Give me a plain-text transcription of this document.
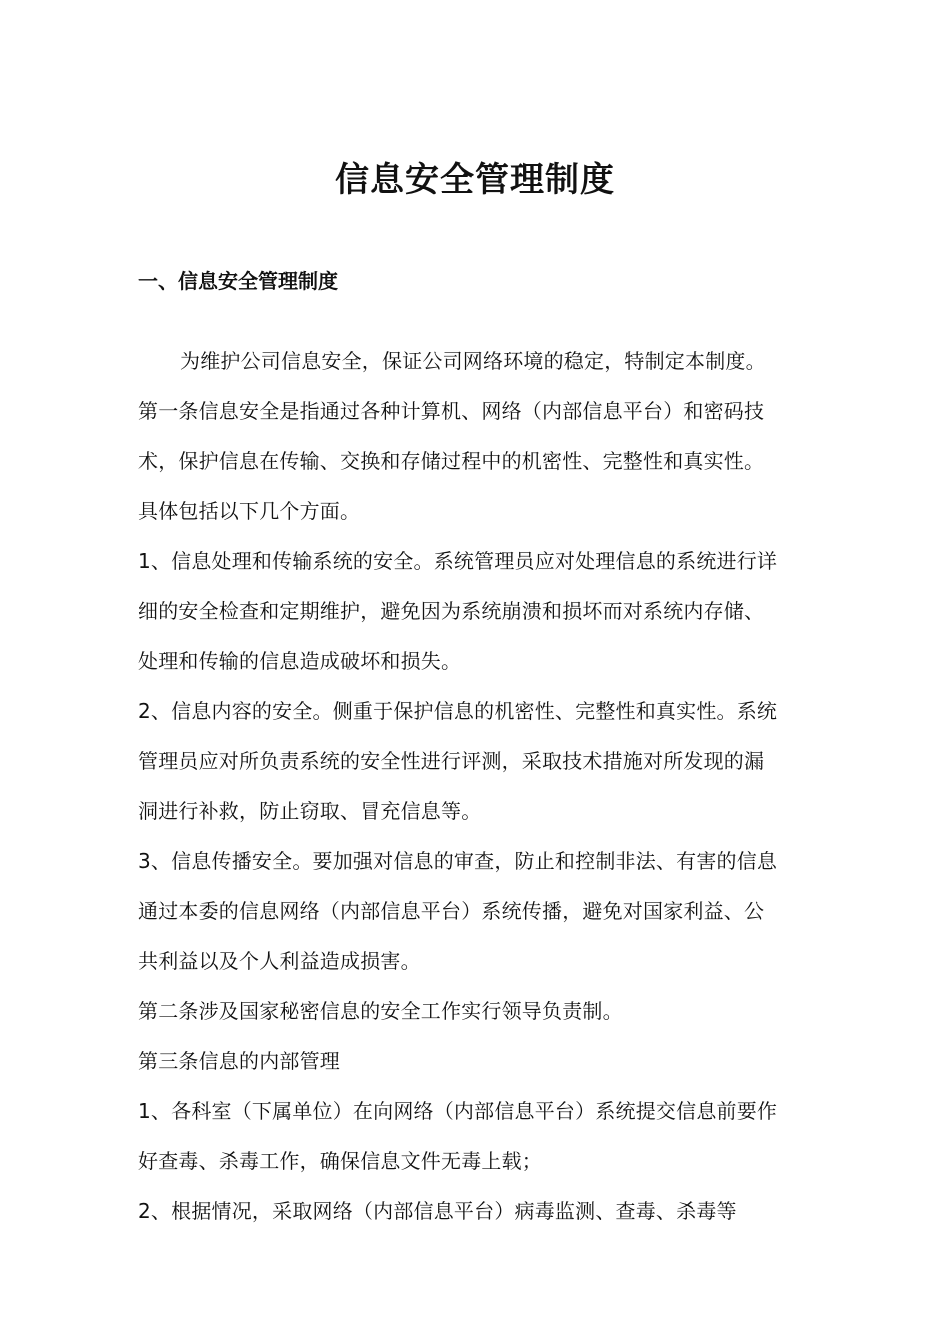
信息安全管理制度
一、信息安全管理制度
为维护公司信息安全，保证公司网络环境的稳定，特制定本制度。
第一条信息安全是指通过各种计算机、网络（内部信息平台）和密码技
术，保护信息在传输、交换和存储过程中的机密性、完整性和真实性。
具体包括以下几个方面。
1、信息处理和传输系统的安全。系统管理员应对处理信息的系统进行详
细的安全检查和定期维护，避免因为系统崩溃和损坏而对系统内存储、
处理和传输的信息造成破坏和损失。
2、信息内容的安全。侧重于保护信息的机密性、完整性和真实性。系统
管理员应对所负责系统的安全性进行评测，采取技术措施对所发现的漏
洞进行补救，防止窃取、冒充信息等。
3、信息传播安全。要加强对信息的审查，防止和控制非法、有害的信息
通过本委的信息网络（内部信息平台）系统传播，避免对国家利益、公
共利益以及个人利益造成损害。
第二条涉及国家秘密信息的安全工作实行领导负责制。
第三条信息的内部管理
1、各科室（下属单位）在向网络（内部信息平台）系统提交信息前要作
好查毒、杀毒工作，确保信息文件无毒上载；
2、根据情况，采取网络（内部信息平台）病毒监测、查毒、杀毒等
